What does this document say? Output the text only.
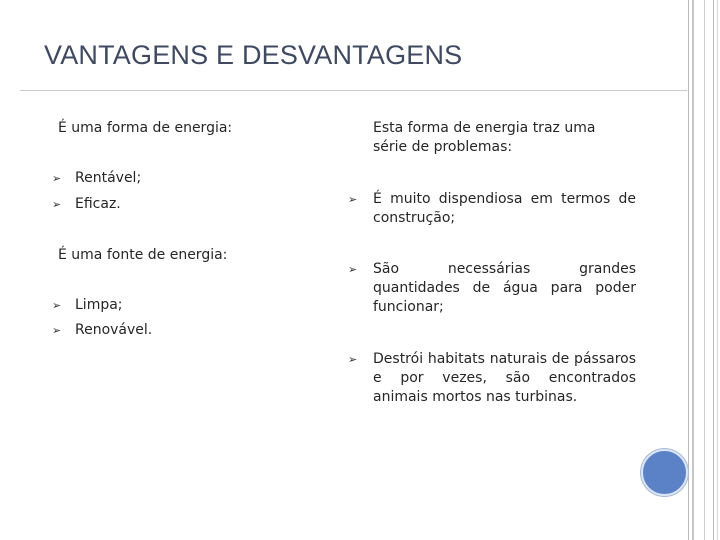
VANTAGENS E DESVANTAGENS
É uma forma de energia:
➢ Rentável;
➢ Eficaz.
É uma fonte de energia:
➢ Limpa;
➢ Renovável.
Esta forma de energia traz uma série de problemas:
➢ É muito dispendiosa em termos de construção;
➢ São necessárias grandes quantidades de água para poder funcionar;
➢ Destrói habitats naturais de pássaros e por vezes, são encontrados animais mortos nas turbinas.
